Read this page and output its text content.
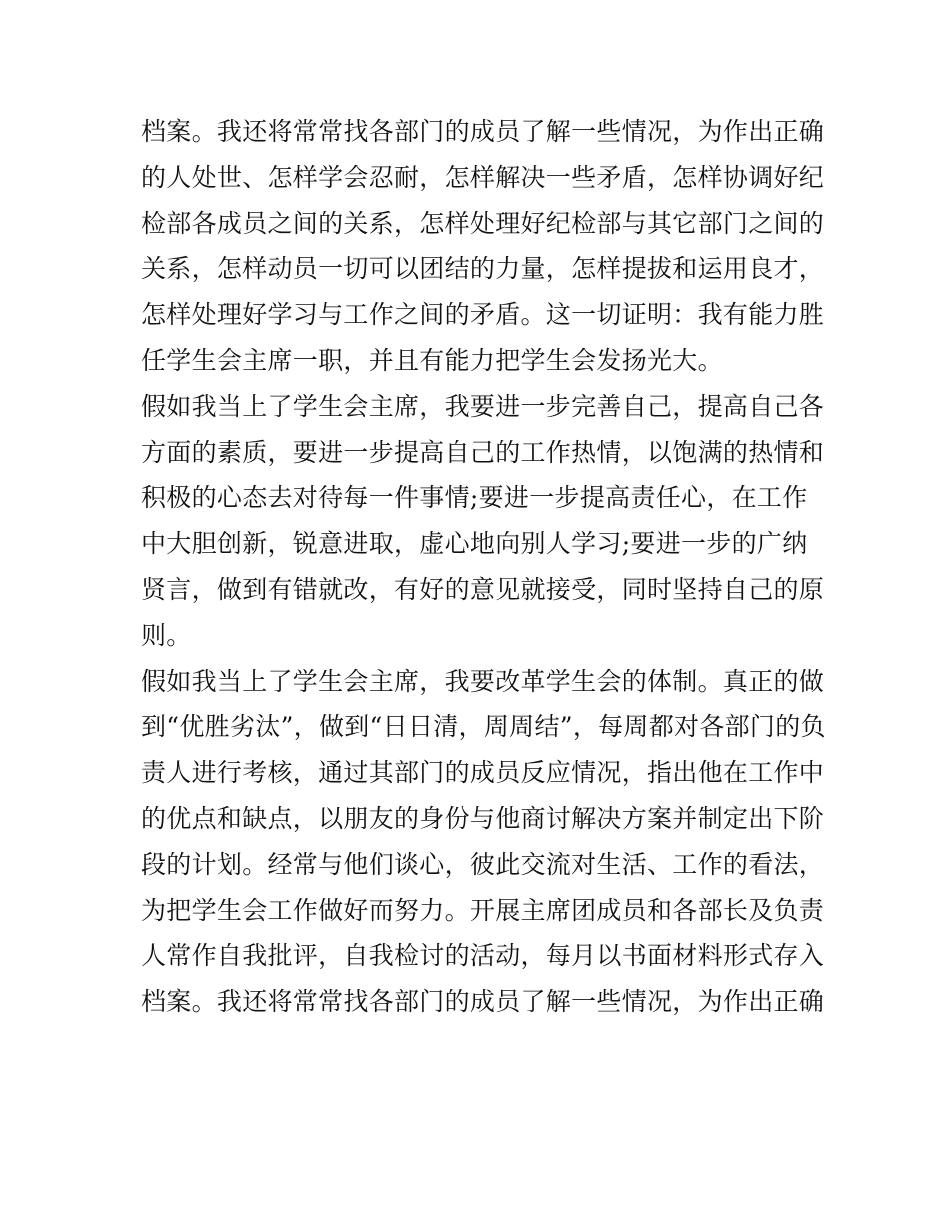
档案。我还将常常找各部门的成员了解一些情况，为作出正确
的人处世、怎样学会忍耐，怎样解决一些矛盾，怎样协调好纪
检部各成员之间的关系，怎样处理好纪检部与其它部门之间的
关系，怎样动员一切可以团结的力量，怎样提拔和运用良才，
怎样处理好学习与工作之间的矛盾。这一切证明：我有能力胜
任学生会主席一职，并且有能力把学生会发扬光大。
假如我当上了学生会主席，我要进一步完善自己，提高自己各
方面的素质，要进一步提高自己的工作热情，以饱满的热情和
积极的心态去对待每一件事情;要进一步提高责任心，在工作
中大胆创新，锐意进取，虚心地向别人学习;要进一步的广纳
贤言，做到有错就改，有好的意见就接受，同时坚持自己的原
则。
假如我当上了学生会主席，我要改革学生会的体制。真正的做
到“优胜劣汰”，做到“日日清，周周结”，每周都对各部门的负
责人进行考核，通过其部门的成员反应情况，指出他在工作中
的优点和缺点，以朋友的身份与他商讨解决方案并制定出下阶
段的计划。经常与他们谈心，彼此交流对生活、工作的看法，
为把学生会工作做好而努力。开展主席团成员和各部长及负责
人常作自我批评，自我检讨的活动，每月以书面材料形式存入
档案。我还将常常找各部门的成员了解一些情况，为作出正确
